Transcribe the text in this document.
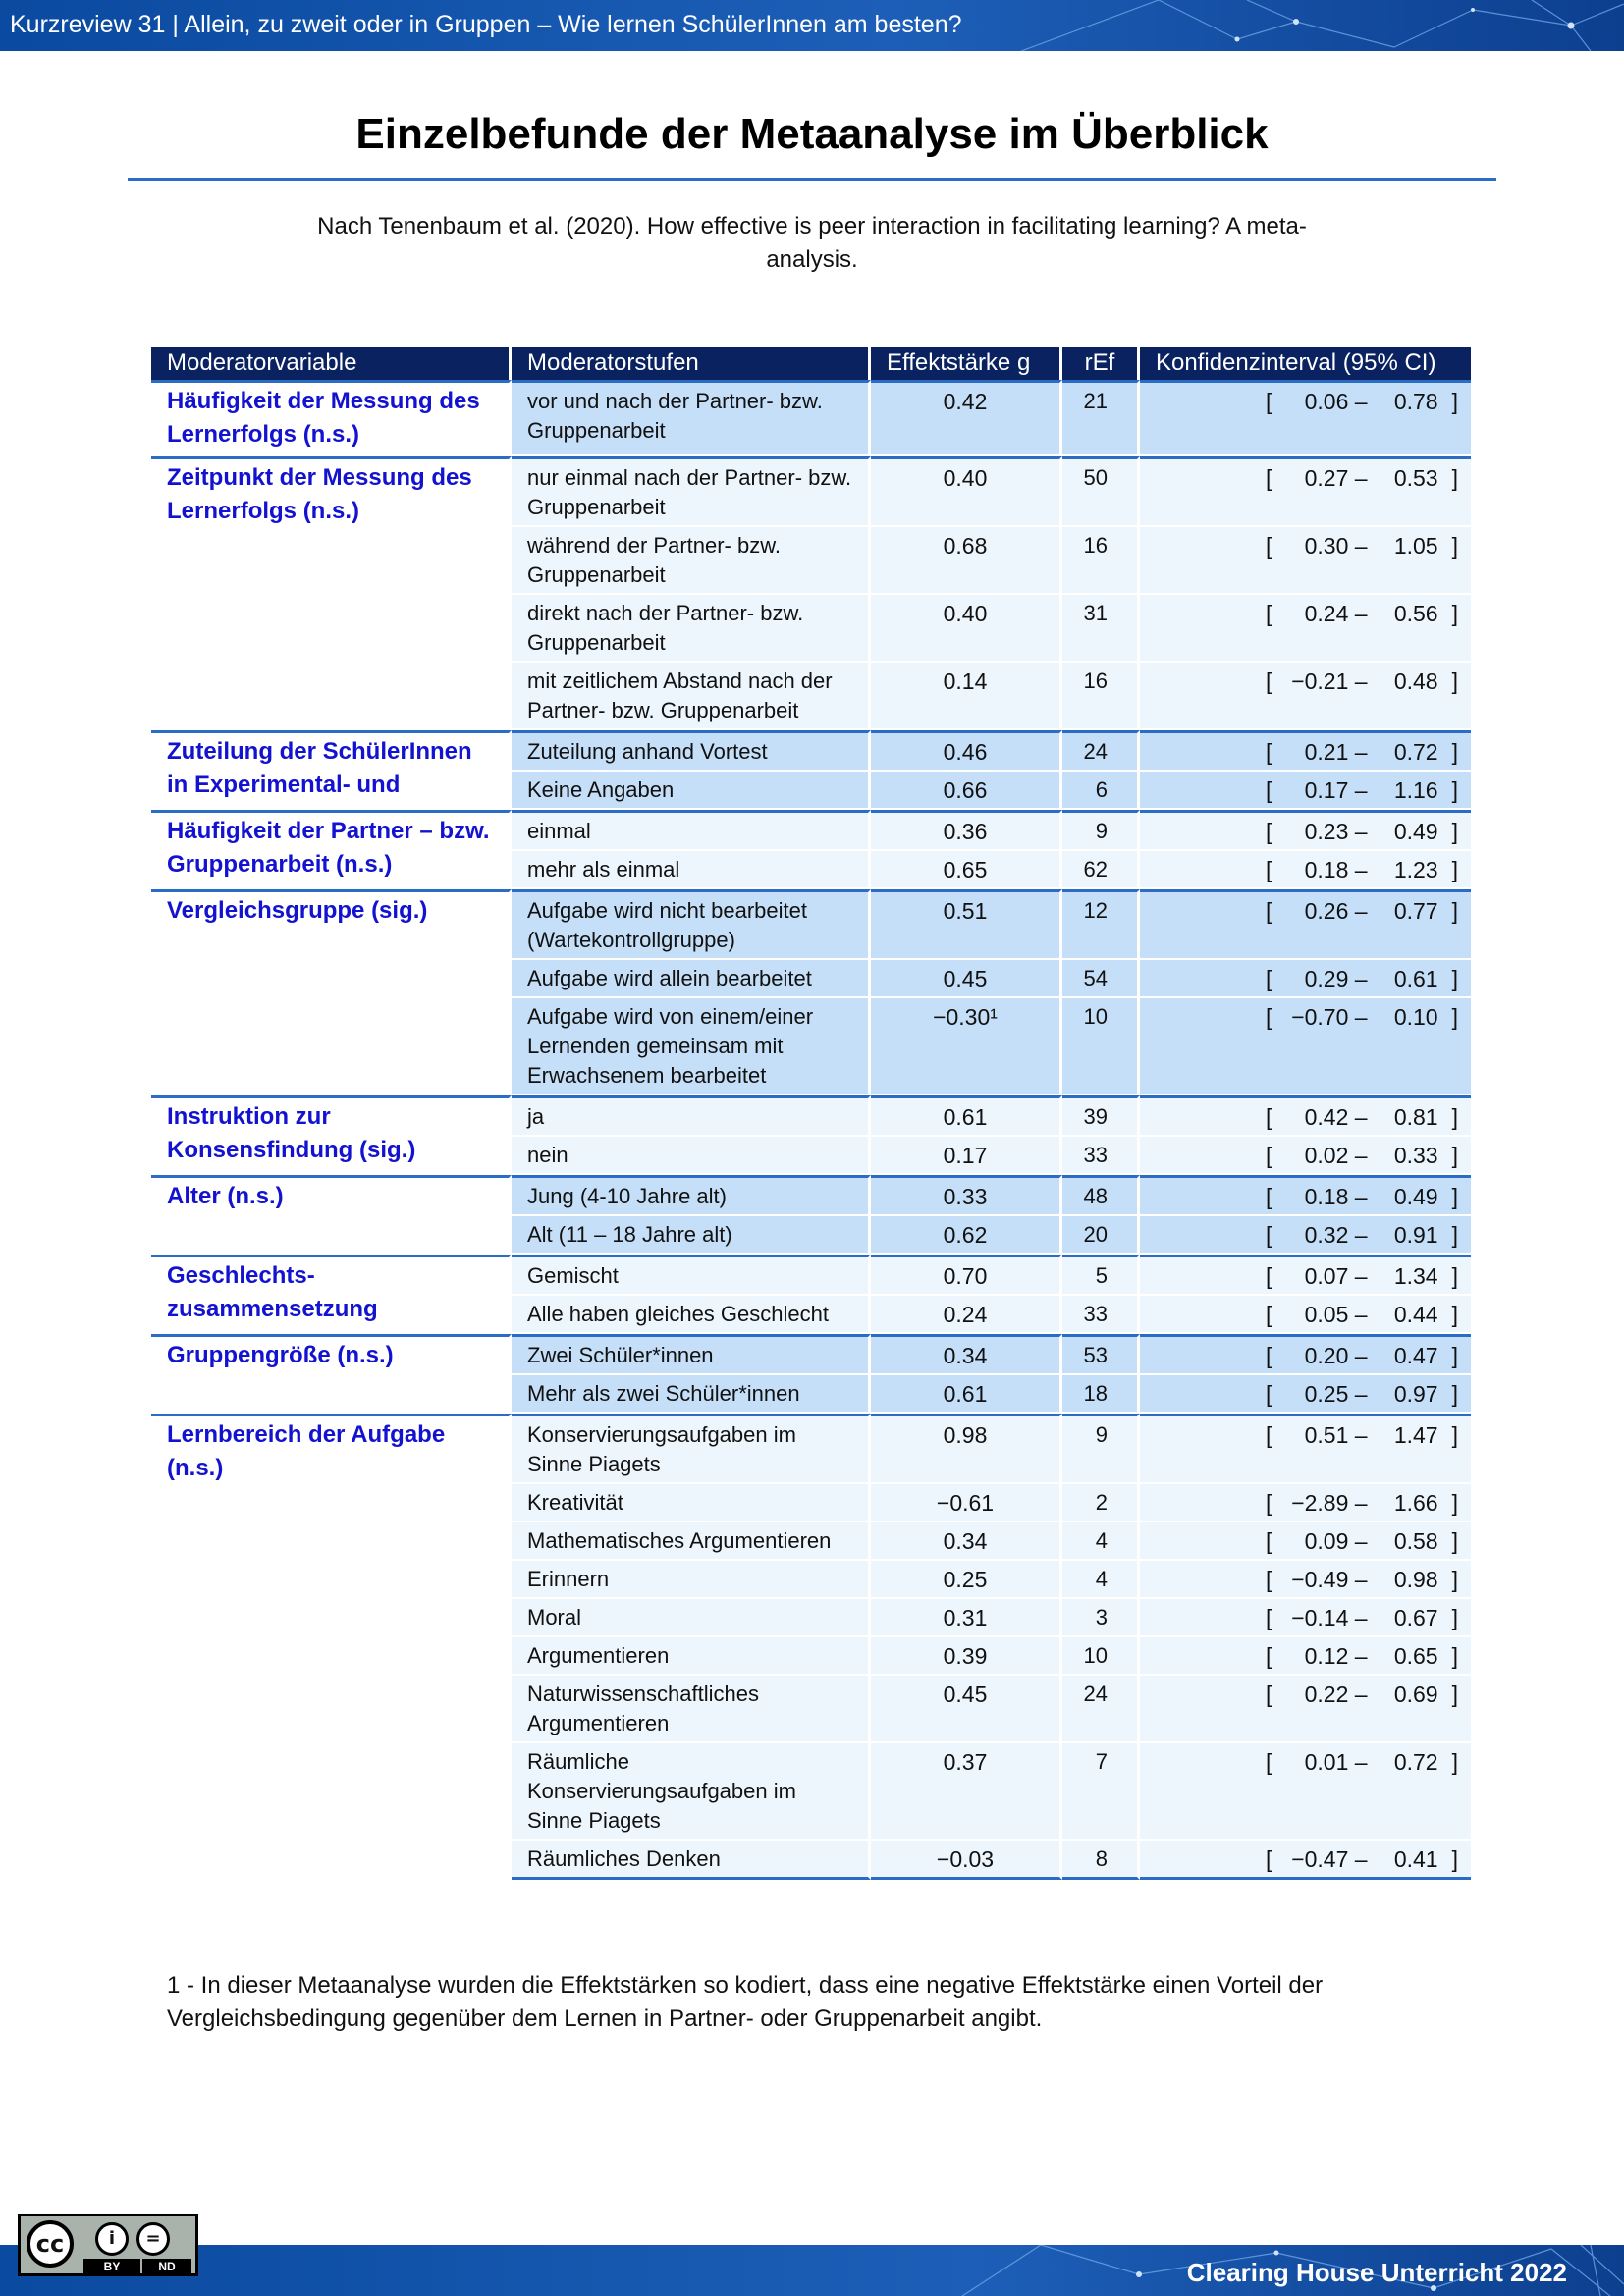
Kurzreview 31 | Allein, zu zweit oder in Gruppen – Wie lernen SchülerInnen am besten?
Einzelbefunde der Metaanalyse im Überblick
Nach Tenenbaum et al. (2020). How effective is peer interaction in facilitating learning? A meta-analysis.
Moderatorvariable	Moderatorstufen	Effektstärke g	rEf	Konfidenzinterval (95% CI)
Häufigkeit der Messung des Lernerfolgs (n.s.)	vor und nach der Partner- bzw. Gruppenarbeit	0.42	21	[ 0.06 – 0.78 ]

Zeitpunkt der Messung des Lernerfolgs (n.s.)	nur einmal nach der Partner- bzw. Gruppenarbeit	0.40	50	[ 0.27 – 0.53 ]

	während der Partner- bzw. Gruppenarbeit	0.68	16	[ 0.30 – 1.05 ]

	direkt nach der Partner- bzw. Gruppenarbeit	0.40	31	[ 0.24 – 0.56 ]

	mit zeitlichem Abstand nach der Partner- bzw. Gruppenarbeit	0.14	16	[ −0.21 – 0.48 ]

Zuteilung der SchülerInnen in Experimental- und	Zuteilung anhand Vortest	0.46	24	[ 0.21 – 0.72 ]

	Keine Angaben	0.66	6	[ 0.17 – 1.16 ]

Häufigkeit der Partner – bzw. Gruppenarbeit (n.s.)	einmal	0.36	9	[ 0.23 – 0.49 ]

	mehr als einmal	0.65	62	[ 0.18 – 1.23 ]

Vergleichsgruppe (sig.)	Aufgabe wird nicht bearbeitet (Wartekontrollgruppe)	0.51	12	[ 0.26 – 0.77 ]

	Aufgabe wird allein bearbeitet	0.45	54	[ 0.29 – 0.61 ]

	Aufgabe wird von einem/einer Lernenden gemeinsam mit Erwachsenem bearbeitet	−0.30¹	10	[ −0.70 – 0.10 ]

Instruktion zur Konsensfindung (sig.)	ja	0.61	39	[ 0.42 – 0.81 ]

	nein	0.17	33	[ 0.02 – 0.33 ]

Alter (n.s.)	Jung (4-10 Jahre alt)	0.33	48	[ 0.18 – 0.49 ]

	Alt (11 – 18 Jahre alt)	0.62	20	[ 0.32 – 0.91 ]

Geschlechts-zusammensetzung	Gemischt	0.70	5	[ 0.07 – 1.34 ]

	Alle haben gleiches Geschlecht	0.24	33	[ 0.05 – 0.44 ]

Gruppengröße (n.s.)	Zwei Schüler*innen	0.34	53	[ 0.20 – 0.47 ]

	Mehr als zwei Schüler*innen	0.61	18	[ 0.25 – 0.97 ]

Lernbereich der Aufgabe (n.s.)	Konservierungsaufgaben im Sinne Piagets	0.98	9	[ 0.51 – 1.47 ]

	Kreativität	−0.61	2	[ −2.89 – 1.66 ]

	Mathematisches Argumentieren	0.34	4	[ 0.09 – 0.58 ]

	Erinnern	0.25	4	[ −0.49 – 0.98 ]

	Moral	0.31	3	[ −0.14 – 0.67 ]

	Argumentieren	0.39	10	[ 0.12 – 0.65 ]

	Naturwissenschaftliches Argumentieren	0.45	24	[ 0.22 – 0.69 ]

	Räumliche Konservierungsaufgaben im Sinne Piagets	0.37	7	[ 0.01 – 0.72 ]

	Räumliches Denken	−0.03	8	[ −0.47 – 0.41 ]
1 - In dieser Metaanalyse wurden die Effektstärken so kodiert, dass eine negative Effektstärke einen Vorteil der Vergleichsbedingung gegenüber dem Lernen in Partner- oder Gruppenarbeit angibt.
Clearing House Unterricht 2022
cc	i	=
BY	ND
